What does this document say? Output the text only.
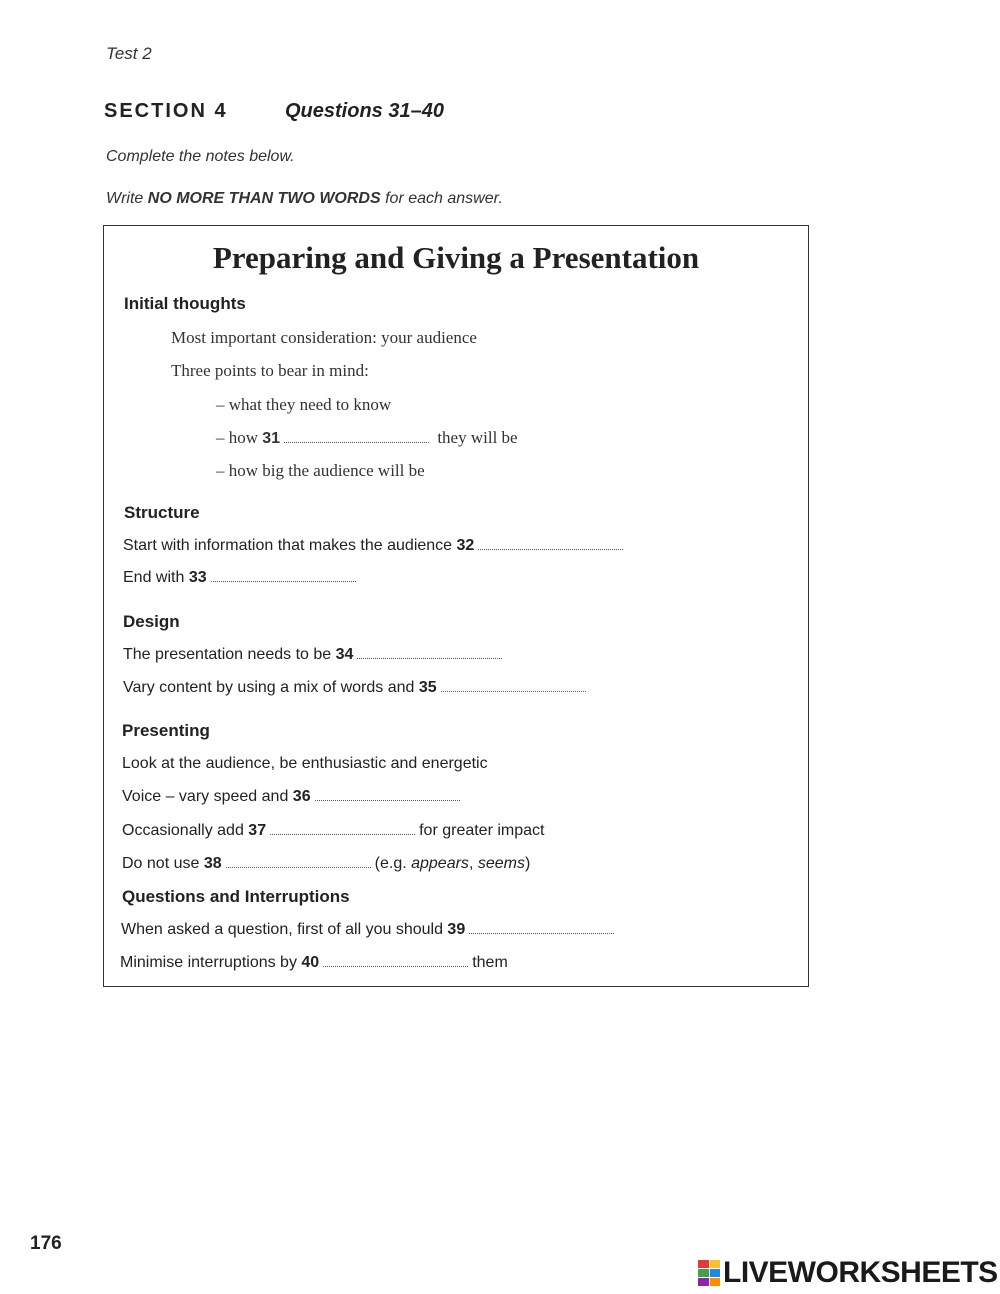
Test 2
SECTION 4	Questions 31–40
Complete the notes below.
Write NO MORE THAN TWO WORDS for each answer.
Preparing and Giving a Presentation
Initial thoughts
Most important consideration: your audience
Three points to bear in mind:
– what they need to know
– how 31	they will be
– how big the audience will be
Structure
Start with information that makes the audience 32
End with 33
Design
The presentation needs to be 34
Vary content by using a mix of words and 35
Presenting
Look at the audience, be enthusiastic and energetic
Voice – vary speed and 36
Occasionally add 37	for greater impact
Do not use 38	(e.g. appears, seems)
Questions and Interruptions
When asked a question, first of all you should 39
Minimise interruptions by 40	them
176
LIVEWORKSHEETS
